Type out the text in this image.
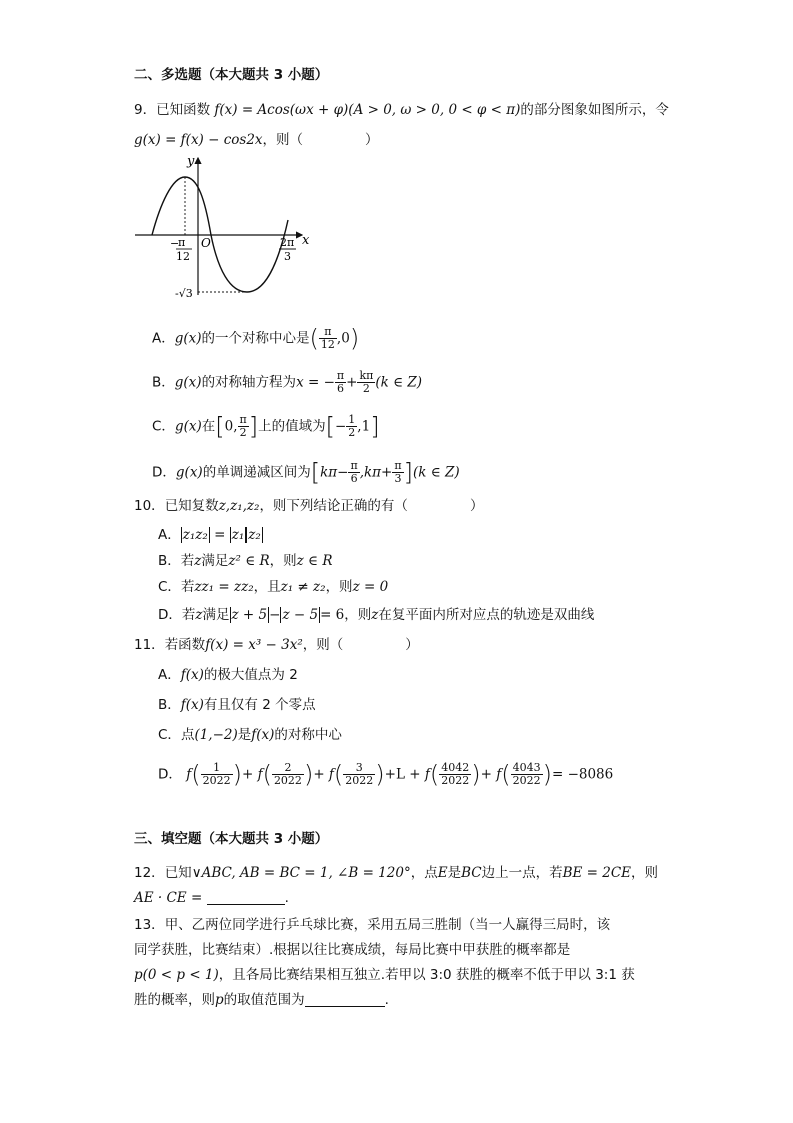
二、多选题（本大题共 3 小题）
9．已知函数 f(x) = Acos(ωx + φ)(A > 0, ω > 0, 0 < φ < π)的部分图象如图所示，令
g(x) = f(x) − cos2x，则（	）
y
x
O
−
π
12
2π
3
-√3
A．g(x)的一个对称中心是( $\frac{\pi}{12} ,0$)
B．g(x)的对称轴方程为x = − $\frac{\pi}{6} + \frac{k\pi}{2} (k$ ∈ Z)
C．g(x)在[0, $\frac{\pi}{2}$ ]上的值域为[− $\frac{1}{2} ,1$]
D．g(x)的单调递减区间为$[k\pi- \frac{\pi}{6} ,k\pi+ \frac{\pi}{3} ](k$ ∈ Z)
10．已知复数z,z₁,z₂，则下列结论正确的有（	）
A． z₁z₂ = z₁ z₂
B．若z满足z² ∈ R，则z ∈ R
C．若zz₁ = zz₂，且z₁ ≠ z₂，则z = 0
D．若z满足 z + 5 − z − 5 = 6，则z在复平面内所对应点的轨迹是双曲线
11．若函数f(x) = x³ − 3x²，则（	）
A．f(x)的极大值点为 2
B．f(x)有且仅有 2 个零点
C．点(1,−2)是f(x)的对称中心
D． $f( \frac{1}{2022}$ )+ $f( \frac{2}{2022}$ )+ $f( \frac{3}{2022} )+L + f( \frac{4042}{2022}$ )+ $f( \frac{4043}{2022}$ )= −8086
三、填空题（本大题共 3 小题）
12．已知∨ABC, AB = BC = 1, ∠B = 120°，点E是BC边上一点，若BE = 2CE，则
AE · CE =	.
13．甲、乙两位同学进行乒乓球比赛，采用五局三胜制（当一人赢得三局时，该
同学获胜，比赛结束）.根据以往比赛成绩，每局比赛中甲获胜的概率都是
p(0 < p < 1)，且各局比赛结果相互独立.若甲以 3:0 获胜的概率不低于甲以 3:1 获
胜的概率，则p的取值范围为	.
